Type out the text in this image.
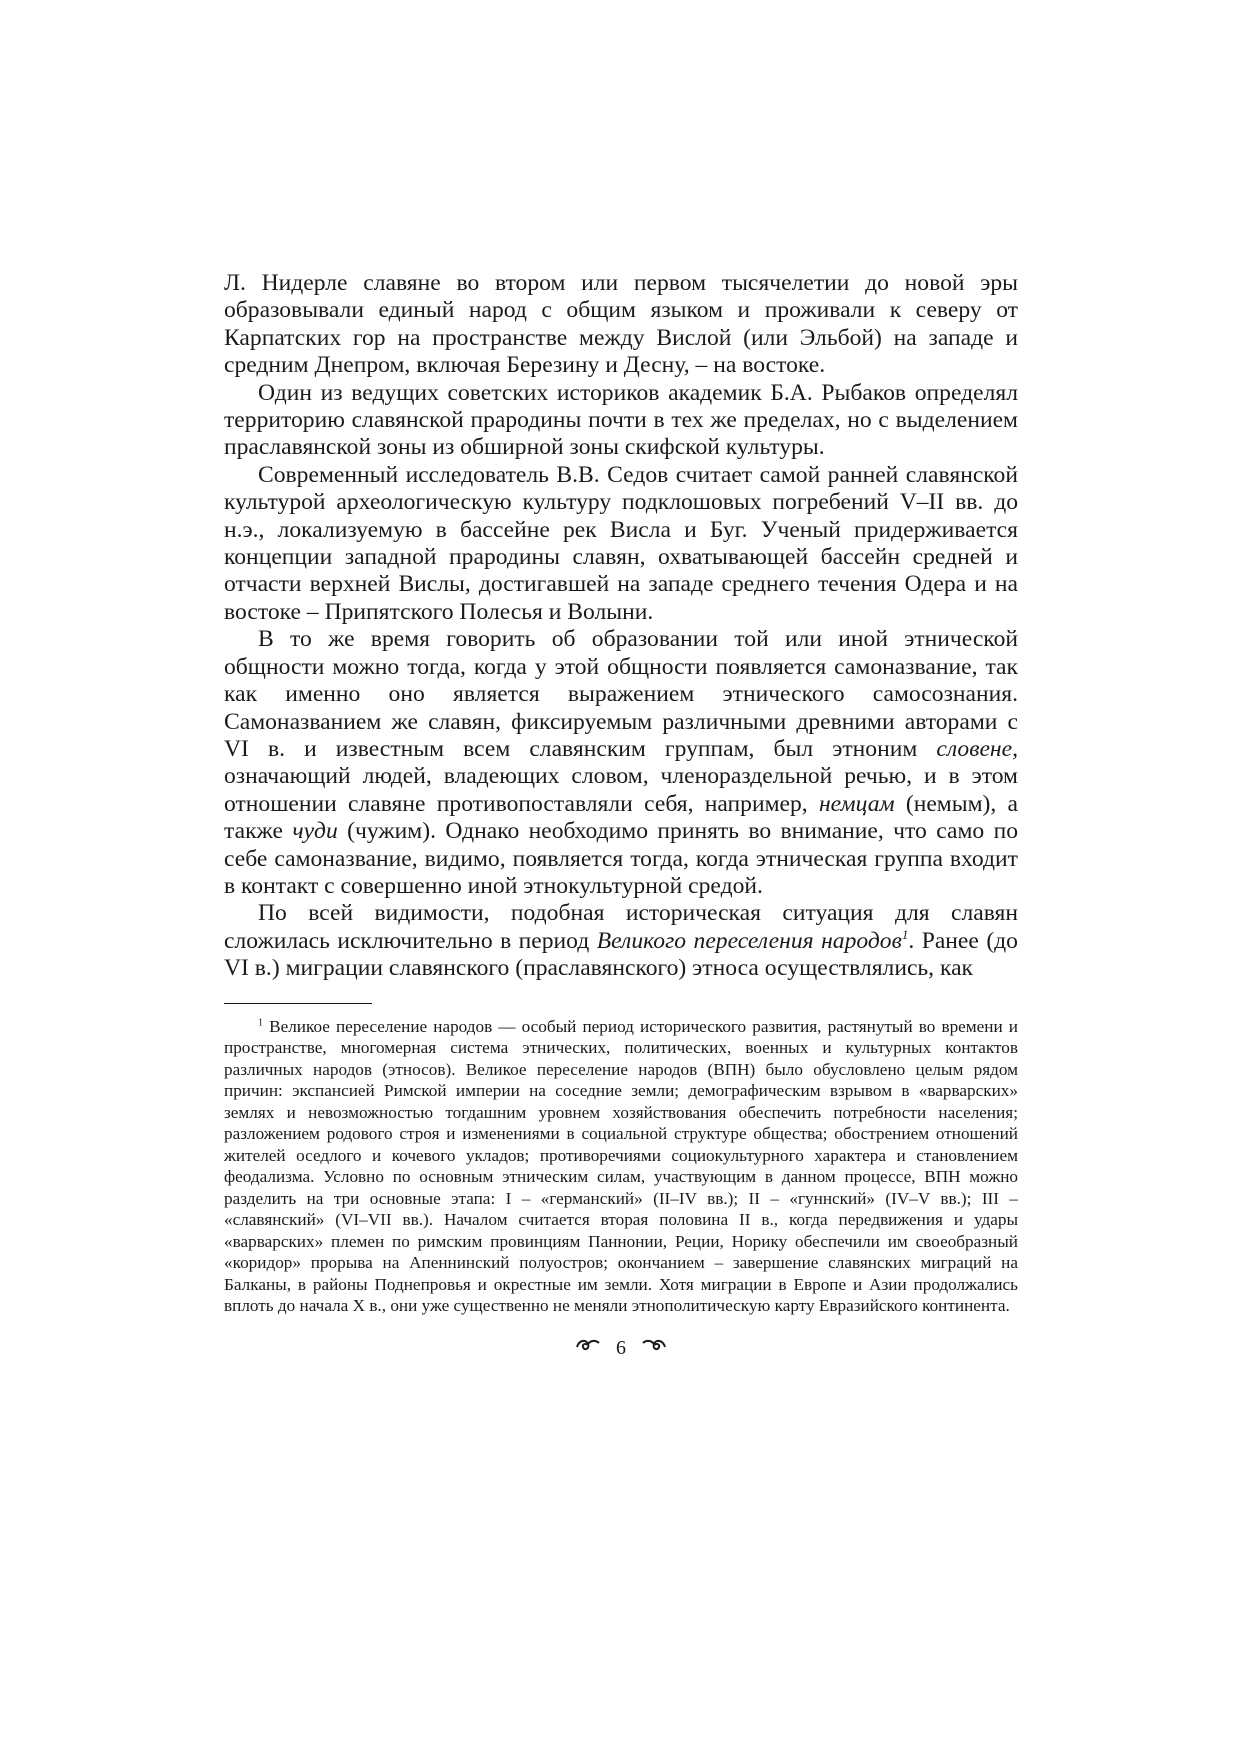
Л. Нидерле славяне во втором или первом тысячелетии до новой эры образовывали единый народ с общим языком и проживали к северу от Карпатских гор на пространстве между Вислой (или Эльбой) на западе и средним Днепром, включая Березину и Десну, – на востоке.

Один из ведущих советских историков академик Б.А. Рыбаков определял территорию славянской прародины почти в тех же пределах, но с выделением праславянской зоны из обширной зоны скифской культуры.

Современный исследователь В.В. Седов считает самой ранней славянской культурой археологическую культуру подклошовых погребений V–II вв. до н.э., локализуемую в бассейне рек Висла и Буг. Ученый придерживается концепции западной прародины славян, охватывающей бассейн средней и отчасти верхней Вислы, достигавшей на западе среднего течения Одера и на востоке – Припятского Полесья и Волыни.

В то же время говорить об образовании той или иной этнической общности можно тогда, когда у этой общности появляется самоназвание, так как именно оно является выражением этнического самосознания. Самоназванием же славян, фиксируемым различными древними авторами с VI в. и известным всем славянским группам, был этноним словене, означающий людей, владеющих словом, членораздельной речью, и в этом отношении славяне противопоставляли себя, например, немцам (немым), а также чуди (чужим). Однако необходимо принять во внимание, что само по себе самоназвание, видимо, появляется тогда, когда этническая группа входит в контакт с совершенно иной этнокультурной средой.

По всей видимости, подобная историческая ситуация для славян сложилась исключительно в период Великого переселения народов$^1$. Ранее (до VI в.) миграции славянского (праславянского) этноса осуществлялись, как

$^1$ Великое переселение народов — особый период исторического развития, растянутый во времени и пространстве, многомерная система этнических, политических, военных и культурных контактов различных народов (этносов). Великое переселение народов (ВПН) было обусловлено целым рядом причин: экспансией Римской империи на соседние земли; демографическим взрывом в «варварских» землях и невозможностью тогдашним уровнем хозяйствования обеспечить потребности населения; разложением родового строя и изменениями в социальной структуре общества; обострением отношений жителей оседлого и кочевого укладов; противоречиями социокультурного характера и становлением феодализма. Условно по основным этническим силам, участвующим в данном процессе, ВПН можно разделить на три основные этапа: I – «германский» (II–IV вв.); II – «гуннский» (IV–V вв.); III – «славянский» (VI–VII вв.). Началом считается вторая половина II в., когда передвижения и удары «варварских» племен по римским провинциям Паннонии, Реции, Норику обеспечили им своеобразный «коридор» прорыва на Апеннинский полуостров; окончанием – завершение славянских миграций на Балканы, в районы Поднепровья и окрестные им земли. Хотя миграции в Европе и Азии продолжались вплоть до начала X в., они уже существенно не меняли этнополитическую карту Евразийского континента.

6
